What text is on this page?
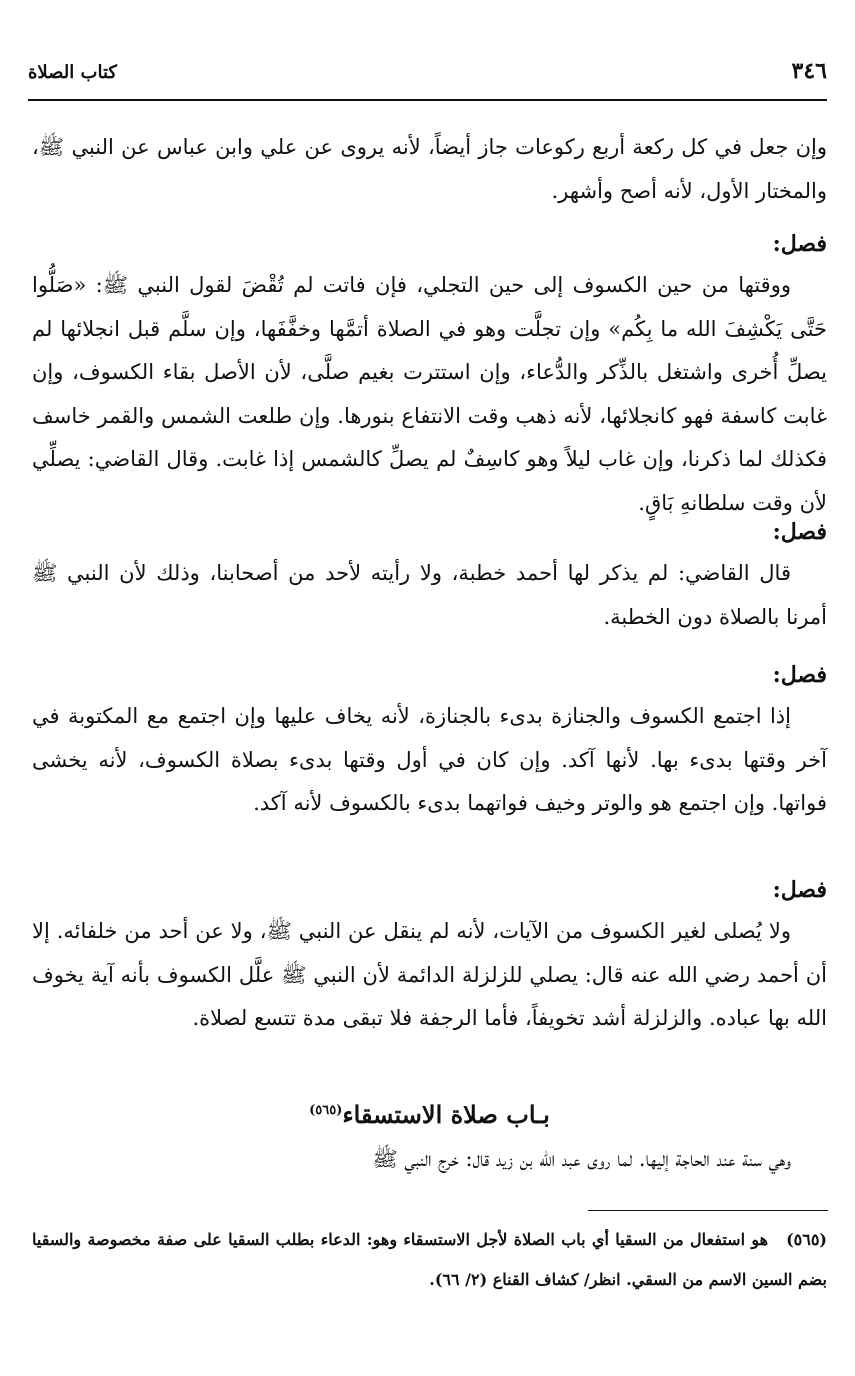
٣٤٦
كتاب الصلاة

وإن جعل في كل ركعة أربع ركوعات جاز أيضاً، لأنه يروى عن علي وابن عباس عن النبي ﷺ، والمختار الأول، لأنه أصح وأشهر.

فصل:

ووقتها من حين الكسوف إلى حين التجلي، فإن فاتت لم تُقْضَ لقول النبي ﷺ: «صَلُّوا حَتَّى يَكْشِفَ الله ما بِكُم» وإن تجلَّت وهو في الصلاة أتمَّها وخفَّفَها، وإن سلَّم قبل انجلائها لم يصلِّ أُخرى واشتغل بالذِّكر والدُّعاء، وإن استترت بغيم صلَّى، لأن الأصل بقاء الكسوف، وإن غابت كاسفة فهو كانجلائها، لأنه ذهب وقت الانتفاع بنورها. وإن طلعت الشمس والقمر خاسف فكذلك لما ذكرنا، وإن غاب ليلاً وهو كاسِفٌ لم يصلِّ كالشمس إذا غابت. وقال القاضي: يصلِّي لأن وقت سلطانهِ بَاقٍ.

فصل:

قال القاضي: لم يذكر لها أحمد خطبة، ولا رأيته لأحد من أصحابنا، وذلك لأن النبي ﷺ أمرنا بالصلاة دون الخطبة.

فصل:

إذا اجتمع الكسوف والجنازة بدىء بالجنازة، لأنه يخاف عليها وإن اجتمع مع المكتوبة في آخر وقتها بدىء بها. لأنها آكد. وإن كان في أول وقتها بدىء بصلاة الكسوف، لأنه يخشى فواتها. وإن اجتمع هو والوتر وخيف فواتهما بدىء بالكسوف لأنه آكد.

فصل:

ولا يُصلى لغير الكسوف من الآيات، لأنه لم ينقل عن النبي ﷺ، ولا عن أحد من خلفائه. إلا أن أحمد رضي الله عنه قال: يصلي للزلزلة الدائمة لأن النبي ﷺ علَّل الكسوف بأنه آية يخوف الله بها عباده. والزلزلة أشد تخويفاً، فأما الرجفة فلا تبقى مدة تتسع لصلاة.

بـاب صلاة الاستسقاء$^{(٥٦٥)}$

وهي سنة عند الحاجة إليها. لما روى عبد الله بن زيد قال: خرج النبي ﷺ

(٥٦٥)هو استفعال من السقيا أي باب الصلاة لأجل الاستسقاء وهو: الدعاء بطلب السقيا على صفة مخصوصة والسقيا بضم السين الاسم من السقي. انظر/ كشاف القناع (٢/ ٦٦).
